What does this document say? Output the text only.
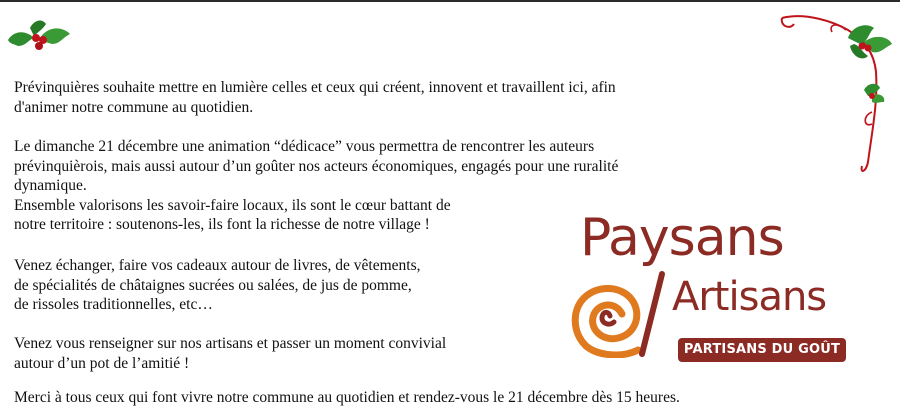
Prévinquières souhaite mettre en lumière celles et ceux qui créent, innovent et travaillent ici, afin

d'animer notre commune au quotidien.

Le dimanche 21 décembre une animation “dédicace” vous permettra de rencontrer les auteurs

prévinquièrois, mais aussi autour d’un goûter nos acteurs économiques, engagés pour une ruralité

dynamique.

Ensemble valorisons les savoir-faire locaux, ils sont le cœur battant de

notre territoire : soutenons-les, ils font la richesse de notre village !

Venez échanger, faire vos cadeaux autour de livres, de vêtements,

de spécialités de châtaignes sucrées ou salées, de jus de pomme,

de rissoles traditionnelles, etc…

Venez vous renseigner sur nos artisans et passer un moment convivial

autour d’un pot de l’amitié !

Merci à tous ceux qui font vivre notre commune au quotidien et rendez-vous le 21 décembre dès 15 heures.

Paysans
Artisans
PARTISANS DU GOÛT
